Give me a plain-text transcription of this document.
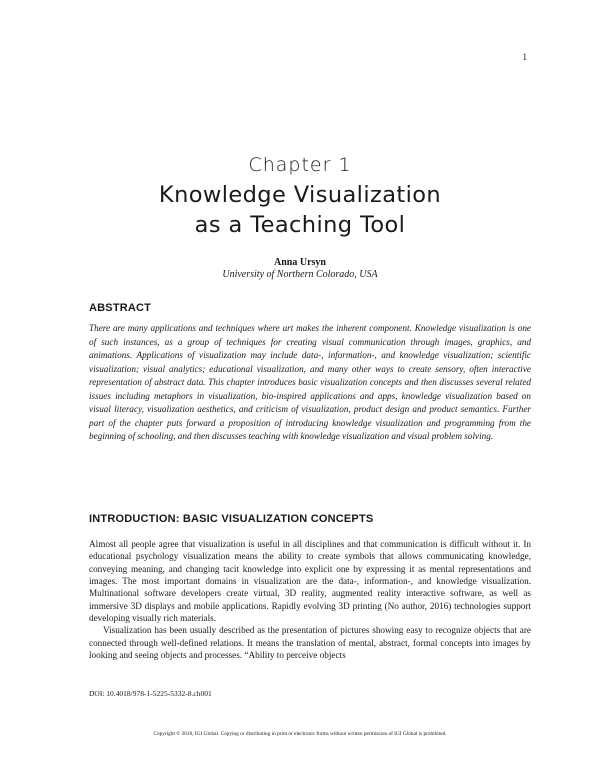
1
Chapter 1
Knowledge Visualization
as a Teaching Tool
Anna Ursyn
University of Northern Colorado, USA
ABSTRACT
There are many applications and techniques where art makes the inherent component. Knowledge visualization is one of such instances, as a group of techniques for creating visual communication through images, graphics, and animations. Applications of visualization may include data-, information-, and knowledge visualization; scientific visualization; visual analytics; educational visualization, and many other ways to create sensory, often interactive representation of abstract data. This chapter introduces basic visualization concepts and then discusses several related issues including metaphors in visualization, bio-inspired applications and apps, knowledge visualization based on visual literacy, visualization aesthetics, and criticism of visualization, product design and product semantics. Further part of the chapter puts forward a proposition of introducing knowledge visualization and programming from the beginning of schooling, and then discusses teaching with knowledge visualization and visual problem solving.
INTRODUCTION: BASIC VISUALIZATION CONCEPTS

Almost all people agree that visualization is useful in all disciplines and that communication is difficult without it. In educational psychology visualization means the ability to create symbols that allows communicating knowledge, conveying meaning, and changing tacit knowledge into explicit one by expressing it as mental representations and images. The most important domains in visualization are the data-, information-, and knowledge visualization. Multinational software developers create virtual, 3D reality, augmented reality interactive software, as well as immersive 3D displays and mobile applications. Rapidly evolving 3D printing (No author, 2016) technologies support developing visually rich materials.

Visualization has been usually described as the presentation of pictures showing easy to recognize objects that are connected through well-defined relations. It means the translation of mental, abstract, formal concepts into images by looking and seeing objects and processes. “Ability to perceive objects

DOI: 10.4018/978-1-5225-5332-8.ch001
Copyright © 2018, IGI Global. Copying or distributing in print or electronic forms without written permission of IGI Global is prohibited.
